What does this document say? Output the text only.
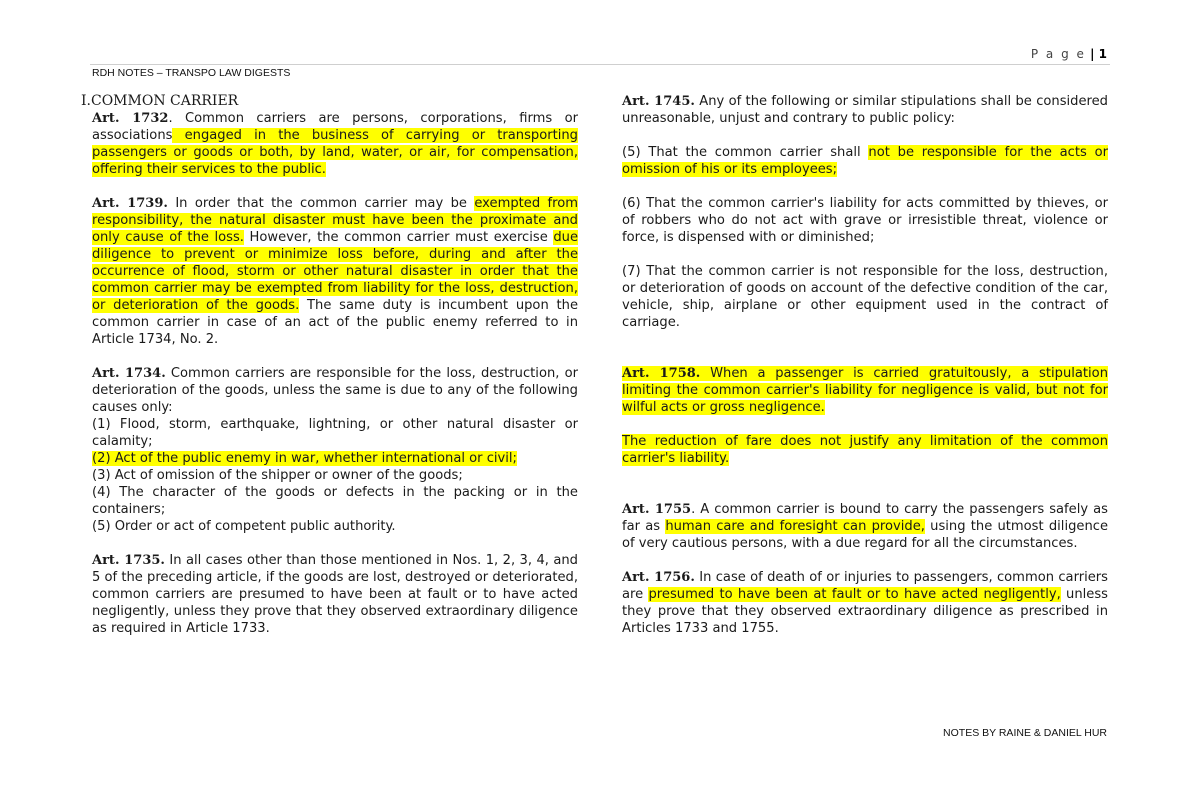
P a g e | 1
RDH NOTES – TRANSPO LAW DIGESTS
I.COMMON CARRIER

Art. 1732. Common carriers are persons, corporations, firms or associations engaged in the business of carrying or transporting passengers or goods or both, by land, water, or air, for compensation, offering their services to the public.

Art. 1739. In order that the common carrier may be exempted from responsibility, the natural disaster must have been the proximate and only cause of the loss. However, the common carrier must exercise due diligence to prevent or minimize loss before, during and after the occurrence of flood, storm or other natural disaster in order that the common carrier may be exempted from liability for the loss, destruction, or deterioration of the goods. The same duty is incumbent upon the common carrier in case of an act of the public enemy referred to in Article 1734, No. 2.

Art. 1734. Common carriers are responsible for the loss, destruction, or deterioration of the goods, unless the same is due to any of the following causes only:

(1) Flood, storm, earthquake, lightning, or other natural disaster or calamity;
(2) Act of the public enemy in war, whether international or civil;
(3) Act of omission of the shipper or owner of the goods;
(4) The character of the goods or defects in the packing or in the containers;
(5) Order or act of competent public authority.

Art. 1735. In all cases other than those mentioned in Nos. 1, 2, 3, 4, and 5 of the preceding article, if the goods are lost, destroyed or deteriorated, common carriers are presumed to have been at fault or to have acted negligently, unless they prove that they observed extraordinary diligence as required in Article 1733.

Art. 1745. Any of the following or similar stipulations shall be considered unreasonable, unjust and contrary to public policy:

(5) That the common carrier shall not be responsible for the acts or omission of his or its employees;

(6) That the common carrier's liability for acts committed by thieves, or of robbers who do not act with grave or irresistible threat, violence or force, is dispensed with or diminished;

(7) That the common carrier is not responsible for the loss, destruction, or deterioration of goods on account of the defective condition of the car, vehicle, ship, airplane or other equipment used in the contract of carriage.

Art. 1758. When a passenger is carried gratuitously, a stipulation limiting the common carrier's liability for negligence is valid, but not for wilful acts or gross negligence.

The reduction of fare does not justify any limitation of the common carrier's liability.

Art. 1755. A common carrier is bound to carry the passengers safely as far as human care and foresight can provide, using the utmost diligence of very cautious persons, with a due regard for all the circumstances.

Art. 1756. In case of death of or injuries to passengers, common carriers are presumed to have been at fault or to have acted negligently, unless they prove that they observed extraordinary diligence as prescribed in Articles 1733 and 1755.

NOTES BY RAINE & DANIEL HUR
